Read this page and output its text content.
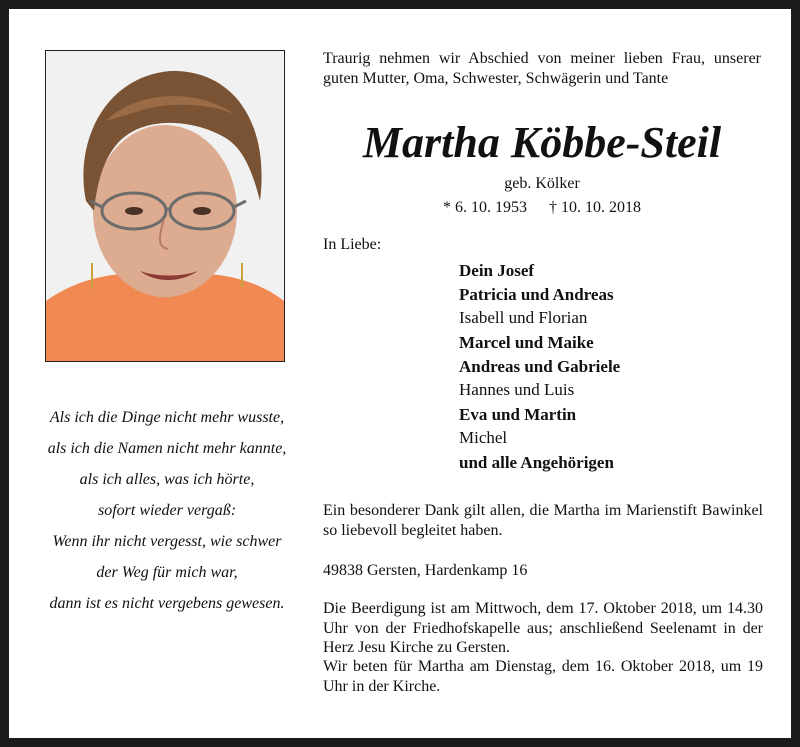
Als ich die Dinge nicht mehr wusste,
als ich die Namen nicht mehr kannte,
als ich alles, was ich hörte,
sofort wieder vergaß:
Wenn ihr nicht vergesst, wie schwer
der Weg für mich war,
dann ist es nicht vergebens gewesen.

Traurig nehmen wir Abschied von meiner lieben Frau, unserer guten Mutter, Oma, Schwester, Schwägerin und Tante

Martha Köbbe-Steil
geb. Kölker
* 6. 10. 1953 † 10. 10. 2018
In Liebe:
Dein Josef
Patricia und Andreas
Isabell und Florian
Marcel und Maike
Andreas und Gabriele
Hannes und Luis
Eva und Martin
Michel
und alle Angehörigen
Ein besonderer Dank gilt allen, die Martha im Marienstift Bawinkel so liebevoll begleitet haben.
49838 Gersten, Hardenkamp 16
Die Beerdigung ist am Mittwoch, dem 17. Oktober 2018, um 14.30 Uhr von der Friedhofskapelle aus; anschließend Seelenamt in der Herz Jesu Kirche zu Gersten.
Wir beten für Martha am Dienstag, dem 16. Oktober 2018, um 19 Uhr in der Kirche.
